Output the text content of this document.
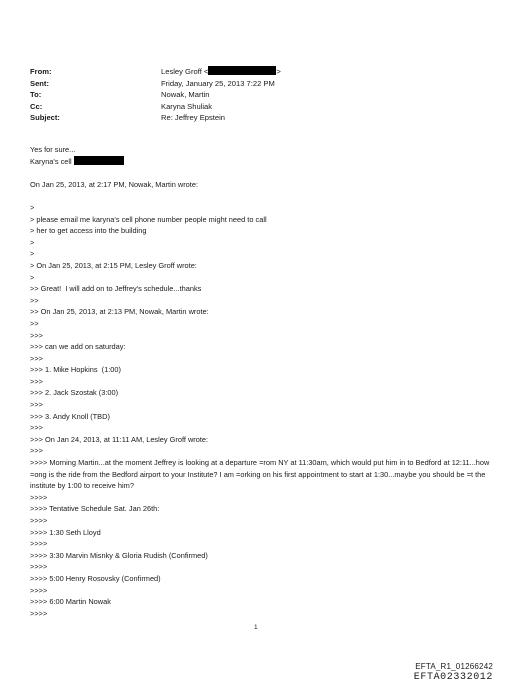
From:	Lesley Groff <	>
Sent:	Friday, January 25, 2013 7:22 PM
To:	Nowak, Martin
Cc:	Karyna Shuliak
Subject:	Re: Jeffrey Epstein
Yes for sure...
Karyna's cell
On Jan 25, 2013, at 2:17 PM, Nowak, Martin wrote:
>
> please email me karyna's cell phone number people might need to call
> her to get access into the building
>
>
> On Jan 25, 2013, at 2:15 PM, Lesley Groff wrote:
>
>> Great!  I will add on to Jeffrey's schedule...thanks
>>
>> On Jan 25, 2013, at 2:13 PM, Nowak, Martin wrote:
>>
>>>
>>> can we add on saturday:
>>>
>>> 1. Mike Hopkins  (1:00)
>>>
>>> 2. Jack Szostak (3:00)
>>>
>>> 3. Andy Knoll (TBD)
>>>
>>> On Jan 24, 2013, at 11:11 AM, Lesley Groff wrote:
>>>
>>>> Morning Martin...at the moment Jeffrey is looking at a departure =rom NY at 11:30am, which would put him in to Bedford at 12:11...how =ong is the ride from the Bedford airport to your Institute? I am =orking on his first appointment to start at 1:30...maybe you should be =t the institute by 1:00 to receive him?
>>>>
>>>> Tentative Schedule Sat. Jan 26th:
>>>>
>>>> 1:30 Seth Lloyd
>>>>
>>>> 3:30 Marvin Misnky & Gloria Rudish (Confirmed)
>>>>
>>>> 5:00 Henry Rosovsky (Confirmed)
>>>>
>>>> 6:00 Martin Nowak
>>>>
1
EFTA_R1_01266242
EFTA02332012
